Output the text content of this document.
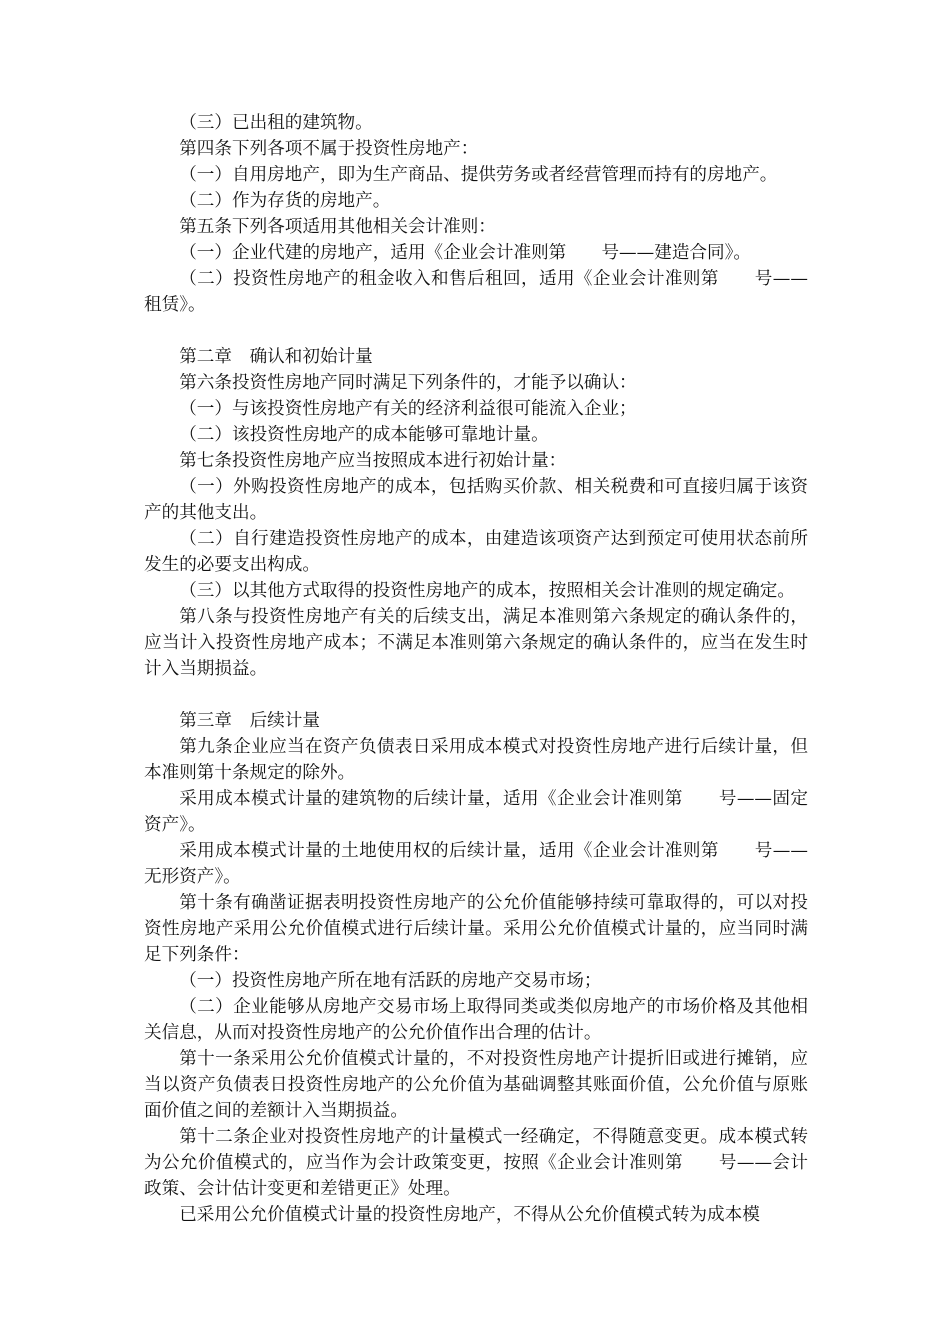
（三）已出租的建筑物。

第四条下列各项不属于投资性房地产：

（一）自用房地产，即为生产商品、提供劳务或者经营管理而持有的房地产。

（二）作为存货的房地产。

第五条下列各项适用其他相关会计准则：

（一）企业代建的房地产，适用《企业会计准则第　　号——建造合同》。

（二）投资性房地产的租金收入和售后租回，适用《企业会计准则第　　号——租赁》。

第二章　确认和初始计量

第六条投资性房地产同时满足下列条件的，才能予以确认：

（一）与该投资性房地产有关的经济利益很可能流入企业；

（二）该投资性房地产的成本能够可靠地计量。

第七条投资性房地产应当按照成本进行初始计量：

（一）外购投资性房地产的成本，包括购买价款、相关税费和可直接归属于该资产的其他支出。

（二）自行建造投资性房地产的成本，由建造该项资产达到预定可使用状态前所发生的必要支出构成。

（三）以其他方式取得的投资性房地产的成本，按照相关会计准则的规定确定。

第八条与投资性房地产有关的后续支出，满足本准则第六条规定的确认条件的，应当计入投资性房地产成本；不满足本准则第六条规定的确认条件的，应当在发生时计入当期损益。

第三章　后续计量

第九条企业应当在资产负债表日采用成本模式对投资性房地产进行后续计量，但本准则第十条规定的除外。

采用成本模式计量的建筑物的后续计量，适用《企业会计准则第　　号——固定资产》。

采用成本模式计量的土地使用权的后续计量，适用《企业会计准则第　　号——无形资产》。

第十条有确凿证据表明投资性房地产的公允价值能够持续可靠取得的，可以对投资性房地产采用公允价值模式进行后续计量。采用公允价值模式计量的，应当同时满足下列条件：

（一）投资性房地产所在地有活跃的房地产交易市场；

（二）企业能够从房地产交易市场上取得同类或类似房地产的市场价格及其他相关信息，从而对投资性房地产的公允价值作出合理的估计。

第十一条采用公允价值模式计量的，不对投资性房地产计提折旧或进行摊销，应当以资产负债表日投资性房地产的公允价值为基础调整其账面价值，公允价值与原账面价值之间的差额计入当期损益。

第十二条企业对投资性房地产的计量模式一经确定，不得随意变更。成本模式转为公允价值模式的，应当作为会计政策变更，按照《企业会计准则第　　号——会计政策、会计估计变更和差错更正》处理。

已采用公允价值模式计量的投资性房地产，不得从公允价值模式转为成本模
